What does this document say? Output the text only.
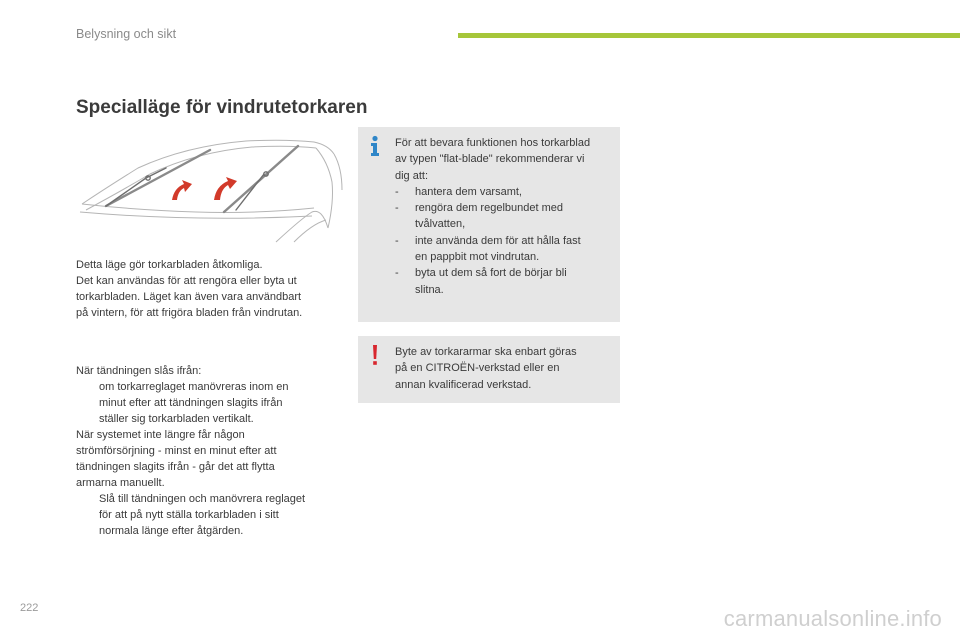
Belysning och sikt
Specialläge för vindrutetorkaren
Detta läge gör torkarbladen åtkomliga.
Det kan användas för att rengöra eller byta ut
torkarbladen. Läget kan även vara användbart
på vintern, för att frigöra bladen från vindrutan.
När tändningen slås ifrån:
om torkarreglaget manövreras inom en
minut efter att tändningen slagits ifrån
ställer sig torkarbladen vertikalt.
När systemet inte längre får någon
strömförsörjning - minst en minut efter att
tändningen slagits ifrån - går det att flytta
armarna manuellt.
Slå till tändningen och manövrera reglaget
för att på nytt ställa torkarbladen i sitt
normala länge efter åtgärden.
För att bevara funktionen hos torkarblad
av typen "flat-blade" rekommenderar vi
dig att:
- hantera dem varsamt,
- rengöra dem regelbundet med
tvålvatten,
- inte använda dem för att hålla fast
en pappbit mot vindrutan.
- byta ut dem så fort de börjar bli
slitna.
Byte av torkararmar ska enbart göras
på en CITROËN-verkstad eller en
annan kvalificerad verkstad.
222	carmanualsonline.info
